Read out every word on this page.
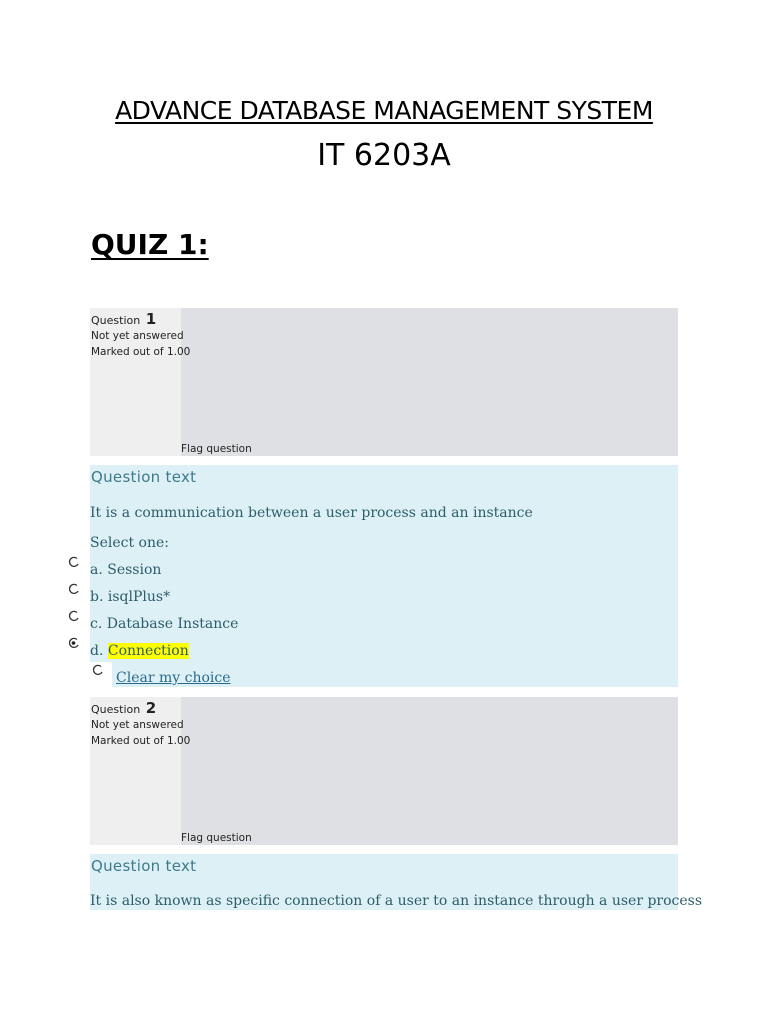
ADVANCE DATABASE MANAGEMENT SYSTEM
IT 6203A
QUIZ 1:
Question 1
Not yet answered
Marked out of 1.00
Flag question
Question text
It is a communication between a user process and an instance
Select one:
a. Session
b. isqlPlus*
c. Database Instance
d. Connection
Clear my choice
Question 2
Not yet answered
Marked out of 1.00
Flag question
Question text
It is also known as specific connection of a user to an instance through a user process
